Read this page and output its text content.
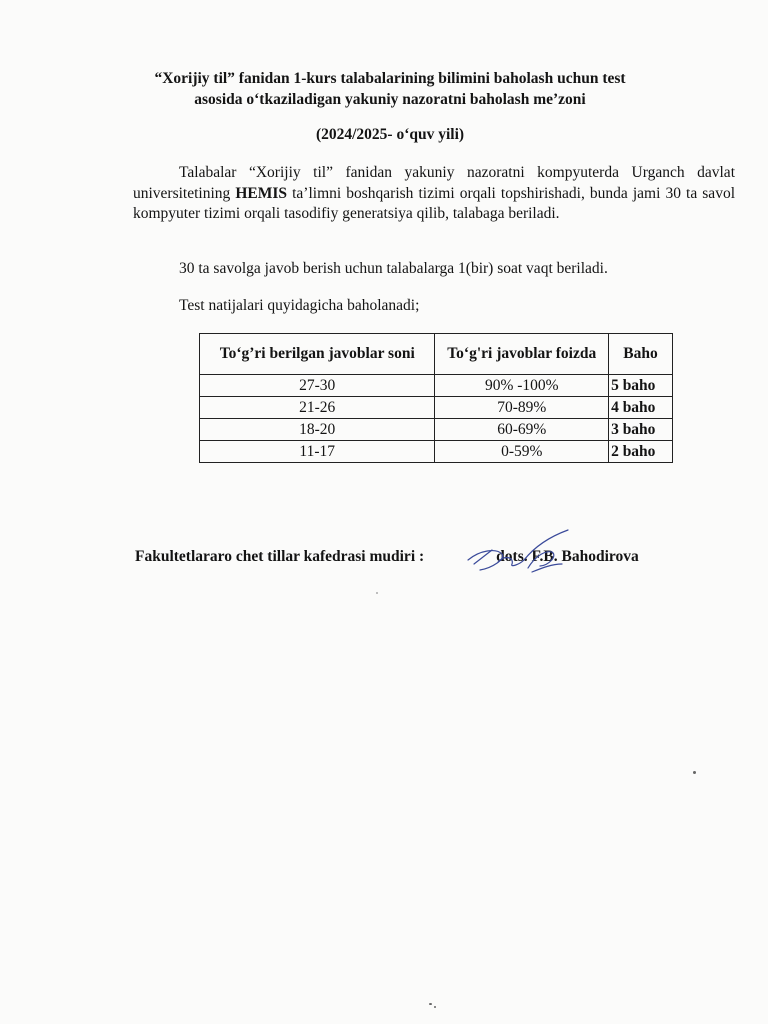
“Xorijiy til” fanidan 1-kurs talabalarining bilimini baholash uchun test
asosida o‘tkaziladigan yakuniy nazoratni baholash me’zoni
(2024/2025- o‘quv yili)
Talabalar “Xorijiy til” fanidan yakuniy nazoratni kompyuterda Urganch davlat universitetining HEMIS ta’limni boshqarish tizimi orqali topshirishadi, bunda jami 30 ta savol kompyuter tizimi orqali tasodifiy generatsiya qilib, talabaga beriladi.
30 ta savolga javob berish uchun talabalarga 1(bir) soat vaqt beriladi.
Test natijalari quyidagicha baholanadi;
To‘g’ri berilgan javoblar soni	To‘g'ri javoblar foizda	Baho
27-30	90% -100%	5 baho
21-26	70-89%	4 baho
18-20	60-69%	3 baho
11-17	0-59%	2 baho
Fakultetlararo chet tillar kafedrasi mudiri :	dots. F.B. Bahodirova
